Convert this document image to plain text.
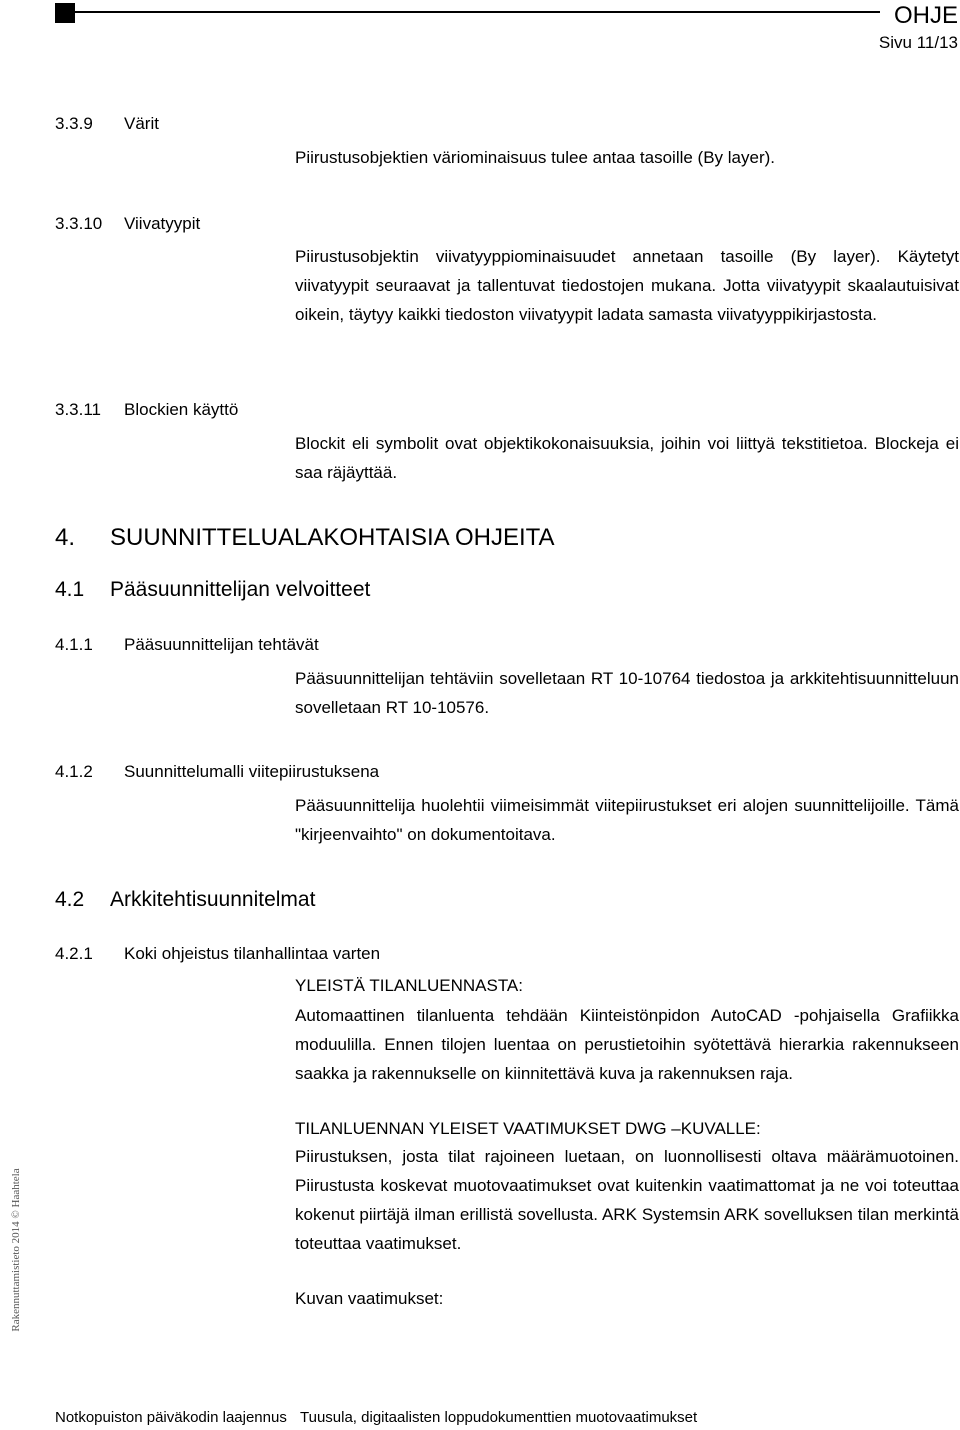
OHJE
Sivu 11/13
3.3.9 Värit
Piirustusobjektien väriominaisuus tulee antaa tasoille (By layer).
3.3.10 Viivatyypit
Piirustusobjektin viivatyyppiominaisuudet annetaan tasoille (By layer). Käytetyt viivatyypit seuraavat ja tallentuvat tiedostojen mukana. Jotta viivatyypit skaalautuisivat oikein, täytyy kaikki tiedoston viivatyypit ladata samasta viivatyyppikirjastosta.
3.3.11 Blockien käyttö
Blockit eli symbolit ovat objektikokonaisuuksia, joihin voi liittyä tekstitietoa. Blockeja ei saa räjäyttää.
4. SUUNNITTELUALAKOHTAISIA OHJEITA
4.1 Pääsuunnittelijan velvoitteet
4.1.1 Pääsuunnittelijan tehtävät
Pääsuunnittelijan tehtäviin sovelletaan RT 10-10764 tiedostoa ja arkkitehtisuunnitteluun sovelletaan RT 10-10576.
4.1.2 Suunnittelumalli viitepiirustuksena
Pääsuunnittelija huolehtii viimeisimmät viitepiirustukset eri alojen suunnittelijoille. Tämä "kirjeenvaihto" on dokumentoitava.
4.2 Arkkitehtisuunnitelmat
4.2.1 Koki ohjeistus tilanhallintaa varten
YLEISTÄ TILANLUENNASTA:
Automaattinen tilanluenta tehdään Kiinteistönpidon AutoCAD -pohjaisella Grafiikka moduulilla. Ennen tilojen luentaa on perustietoihin syötettävä hierarkia rakennukseen saakka ja rakennukselle on kiinnitettävä kuva ja rakennuksen raja.
TILANLUENNAN YLEISET VAATIMUKSET DWG –KUVALLE:
Piirustuksen, josta tilat rajoineen luetaan, on luonnollisesti oltava määrämuotoinen. Piirustusta koskevat muotovaatimukset ovat kuitenkin vaatimattomat ja ne voi toteuttaa kokenut piirtäjä ilman erillistä sovellusta. ARK Systemsin ARK sovelluksen tilan merkintä toteuttaa vaatimukset.
Kuvan vaatimukset:
Rakennuttamistieto 2014 © Haahtela
Notkopuiston päiväkodin laajennus Tuusula, digitaalisten loppudokumenttien muotovaatimukset
